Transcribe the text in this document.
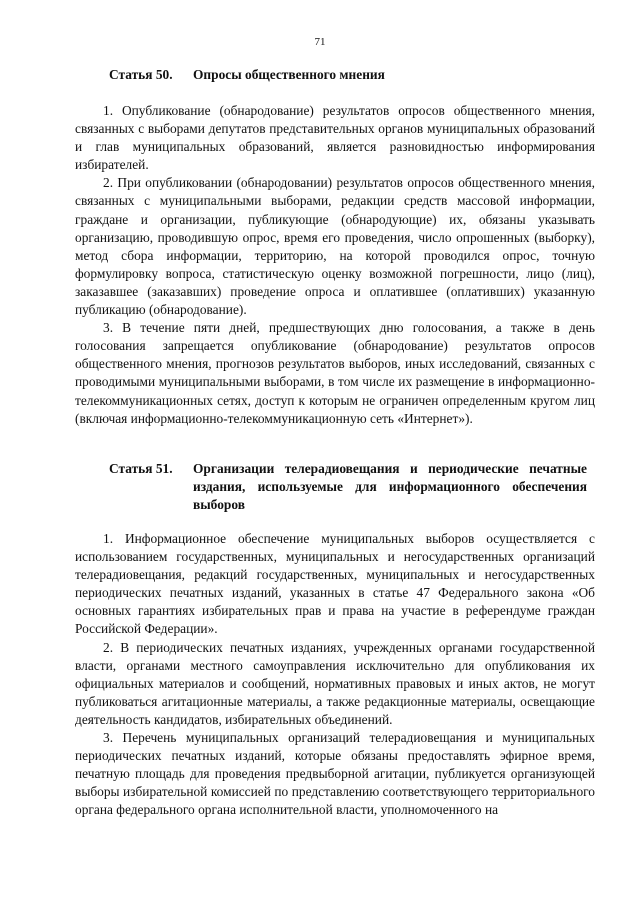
71
Статья 50.	Опросы общественного мнения

1. Опубликование (обнародование) результатов опросов общественного мнения, связанных с выборами депутатов представительных органов муниципальных образований и глав муниципальных образований, является разновидностью информирования избирателей.

2. При опубликовании (обнародовании) результатов опросов общественного мнения, связанных с муниципальными выборами, редакции средств массовой информации, граждане и организации, публикующие (обнародующие) их, обязаны указывать организацию, проводившую опрос, время его проведения, число опрошенных (выборку), метод сбора информации, территорию, на которой проводился опрос, точную формулировку вопроса, статистическую оценку возможной погрешности, лицо (лиц), заказавшее (заказавших) проведение опроса и оплатившее (оплативших) указанную публикацию (обнародование).

3. В течение пяти дней, предшествующих дню голосования, а также в день голосования запрещается опубликование (обнародование) результатов опросов общественного мнения, прогнозов результатов выборов, иных исследований, связанных с проводимыми муниципальными выборами, в том числе их размещение в информационно-телекоммуникационных сетях, доступ к которым не ограничен определенным кругом лиц (включая информационно-телекоммуникационную сеть «Интернет»).

Статья 51.	Организации телерадиовещания и периодические печатные издания, используемые для информационного обеспечения выборов

1. Информационное обеспечение муниципальных выборов осуществляется с использованием государственных, муниципальных и негосударственных организаций телерадиовещания, редакций государственных, муниципальных и негосударственных периодических печатных изданий, указанных в статье 47 Федерального закона «Об основных гарантиях избирательных прав и права на участие в референдуме граждан Российской Федерации».

2. В периодических печатных изданиях, учрежденных органами государственной власти, органами местного самоуправления исключительно для опубликования их официальных материалов и сообщений, нормативных правовых и иных актов, не могут публиковаться агитационные материалы, а также редакционные материалы, освещающие деятельность кандидатов, избирательных объединений.

3. Перечень муниципальных организаций телерадиовещания и муниципальных периодических печатных изданий, которые обязаны предоставлять эфирное время, печатную площадь для проведения предвыборной агитации, публикуется организующей выборы избирательной комиссией по представлению соответствующего территориального органа федерального органа исполнительной власти, уполномоченного на
